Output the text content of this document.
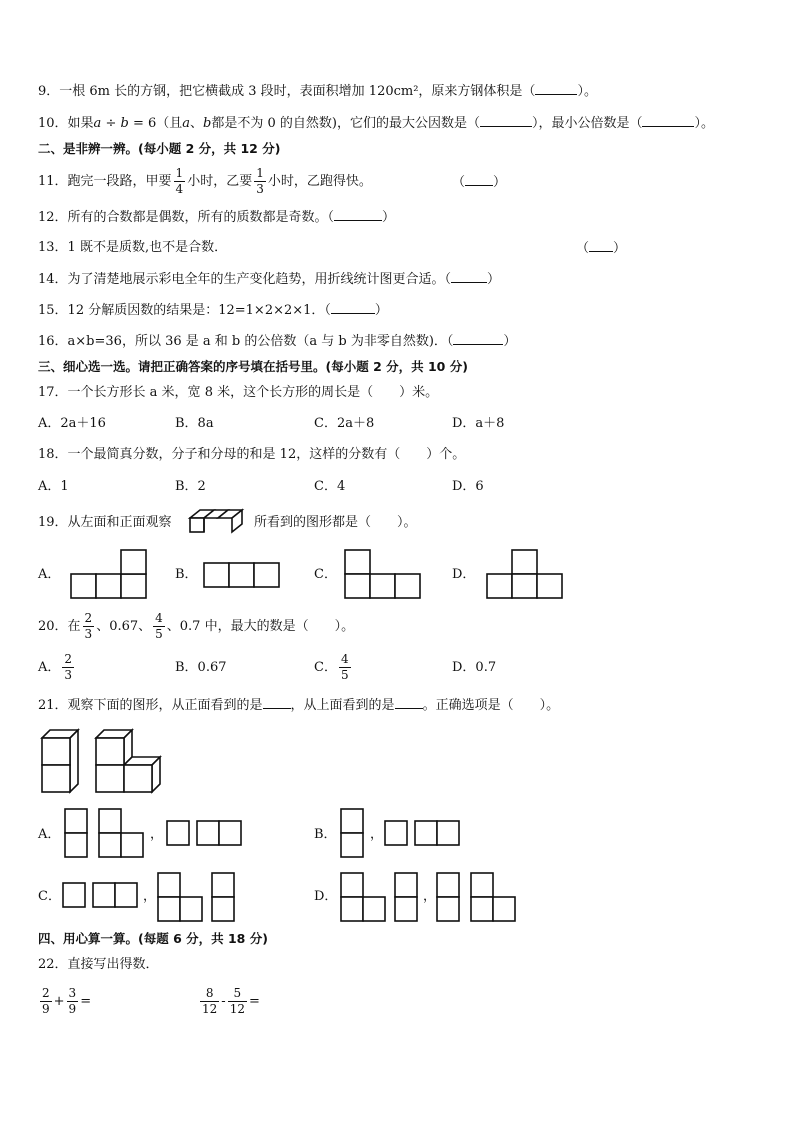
9．一根 6m 长的方钢，把它横截成 3 段时，表面积增加 120cm²，原来方钢体积是（	）。
10．如果a ÷ b = 6（且a、b都是不为 0 的自然数)，它们的最大公因数是（	），最小公倍数是（	）。
二、是非辨一辨。(每小题 2 分，共 12 分)
11．跑完一段路，甲要 $\frac{1}{4}$ 小时，乙要 $\frac{1}{3}$ 小时，乙跑得快。	（ ）
12．所有的合数都是偶数，所有的质数都是奇数。（	）
13．1 既不是质数,也不是合数．	（ ）
14．为了清楚地展示彩电全年的生产变化趋势，用折线统计图更合适。（	）
15．12 分解质因数的结果是：12=1×2×2×1．（	）
16．a×b=36，所以 36 是 a 和 b 的公倍数（a 与 b 为非零自然数)．（	）
三、细心选一选。请把正确答案的序号填在括号里。(每小题 2 分，共 10 分)
17．一个长方形长 a 米，宽 8 米，这个长方形的周长是（　　）米。
A．2a＋16	B．8a	C．2a＋8	D．a＋8
18．一个最简真分数，分子和分母的和是 12，这样的分数有（　　）个。
A．1	B．2	C．4	D．6
19．从左面和正面观察	所看到的图形都是（　　）。
A．	B．	C．	D．
20．在 $\frac{2}{3}$ 、0.67、 $\frac{4}{5}$ 、0.7 中，最大的数是（　　）。
A． $\frac{2}{3}$	B．0.67	C． $\frac{4}{5}$	D．0.7
21．观察下面的图形，从正面看到的是 ，从上面看到的是 。正确选项是（　　）。
A．	，	B．	，
C．	，	D．	，
四、用心算一算。(每题 6 分，共 18 分)
22．直接写出得数．
$\frac{2}{9} + \frac{3}{9}$ =	$\frac{8}{12} - \frac{5}{12}$ =
